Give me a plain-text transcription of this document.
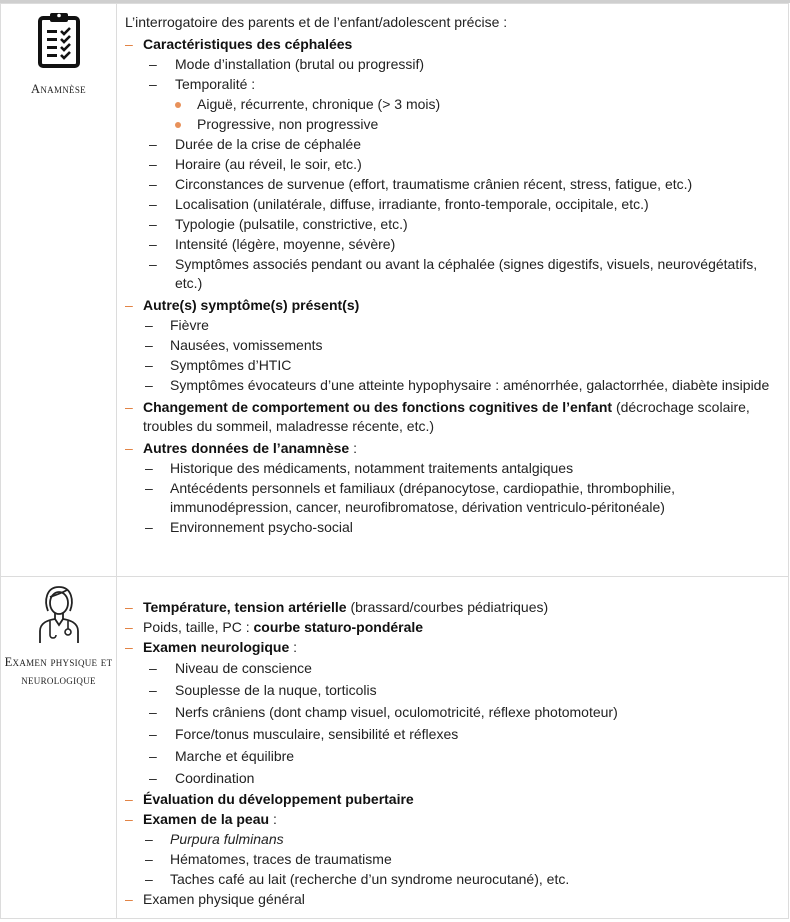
Anamnèse

L’interrogatoire des parents et de l’enfant/adolescent précise :
– Caractéristiques des céphalées
– Mode d’installation (brutal ou progressif)
– Temporalité :
Aiguë, récurrente, chronique (> 3 mois)
Progressive, non progressive
– Durée de la crise de céphalée
– Horaire (au réveil, le soir, etc.)
– Circonstances de survenue (effort, traumatisme crânien récent, stress, fatigue, etc.)
– Localisation (unilatérale, diffuse, irradiante, fronto-temporale, occipitale, etc.)
– Typologie (pulsatile, constrictive, etc.)
– Intensité (légère, moyenne, sévère)
– Symptômes associés pendant ou avant la céphalée (signes digestifs, visuels, neurovégétatifs, etc.)
– Autre(s) symptôme(s) présent(s)
– Fièvre
– Nausées, vomissements
– Symptômes d’HTIC
– Symptômes évocateurs d’une atteinte hypophysaire : aménorrhée, galactorrhée, diabète insipide
– Changement de comportement ou des fonctions cognitives de l’enfant (décrochage scolaire, troubles du sommeil, maladresse récente, etc.)
– Autres données de l’anamnèse :
– Historique des médicaments, notamment traitements antalgiques
– Antécédents personnels et familiaux (drépanocytose, cardiopathie, thrombophilie, immunodépression, cancer, neurofibromatose, dérivation ventriculo-péritonéale)
– Environnement psycho-social

Examen physique et neurologique

– Température, tension artérielle (brassard/courbes pédiatriques)
– Poids, taille, PC : courbe staturo-pondérale
– Examen neurologique :
– Niveau de conscience
– Souplesse de la nuque, torticolis
– Nerfs crâniens (dont champ visuel, oculomotricité, réflexe photomoteur)
– Force/tonus musculaire, sensibilité et réflexes
– Marche et équilibre
– Coordination
– Évaluation du développement pubertaire
– Examen de la peau :
– Purpura fulminans
– Hématomes, traces de traumatisme
– Taches café au lait (recherche d’un syndrome neurocutané), etc.
– Examen physique général
